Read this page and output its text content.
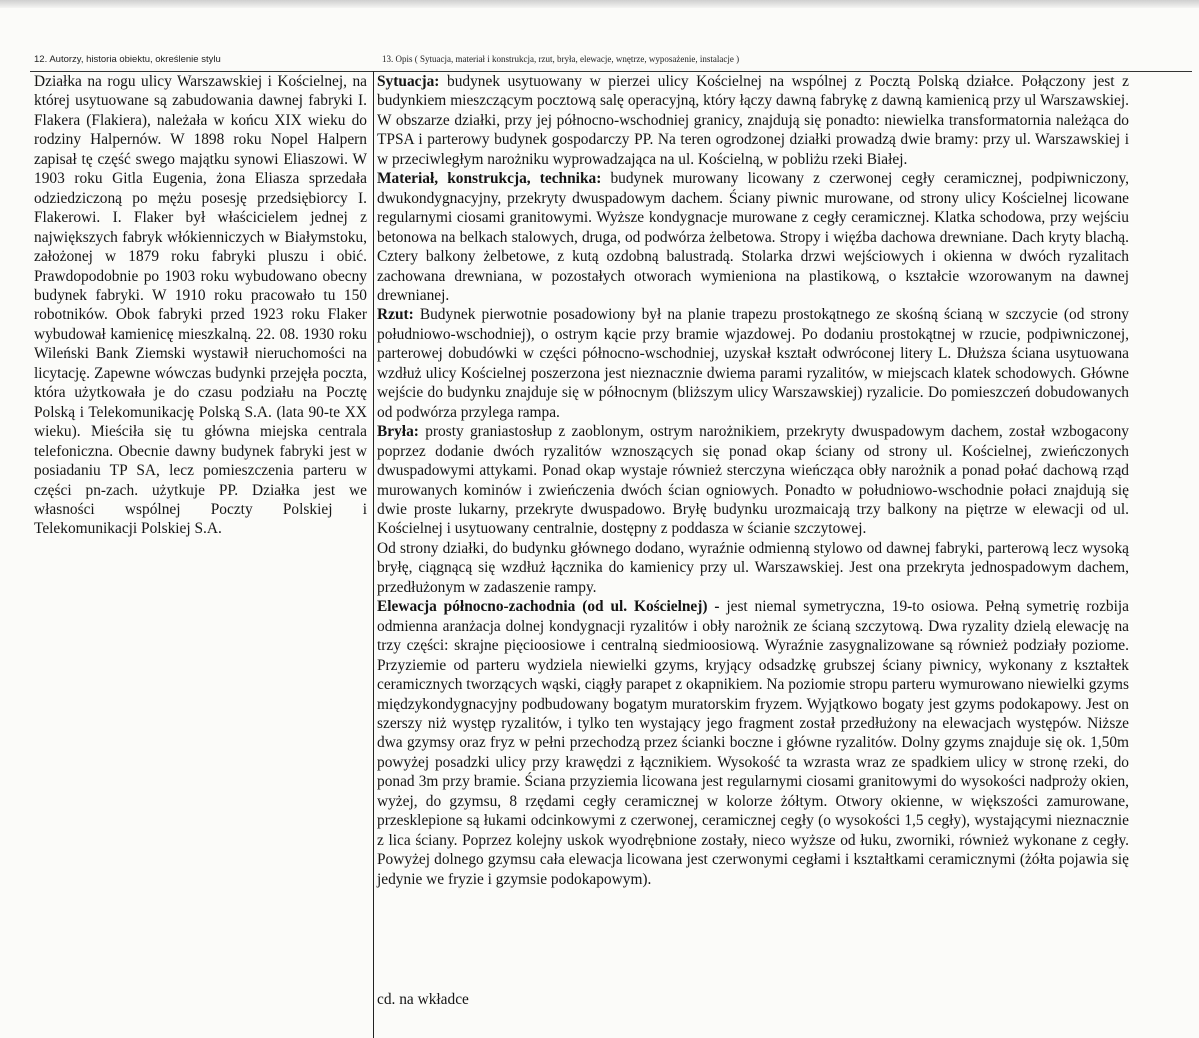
12. Autorzy, historia obiektu, określenie stylu	13. Opis ( Sytuacja, materiał i konstrukcja, rzut, bryła, elewacje, wnętrze, wyposażenie, instalacje )

Działka na rogu ulicy Warszawskiej i Kościelnej, na której usytuowane są zabudowania dawnej fabryki I. Flakera (Flakiera), należała w końcu XIX wieku do rodziny Halpernów. W 1898 roku Nopel Halpern zapisał tę część swego majątku synowi Eliaszowi. W 1903 roku Gitla Eugenia, żona Eliasza sprzedała odziedziczoną po mężu posesję przedsiębiorcy I. Flakerowi. I. Flaker był właścicielem jednej z największych fabryk włókienniczych w Białymstoku, założonej w 1879 roku fabryki pluszu i obić. Prawdopodobnie po 1903 roku wybudowano obecny budynek fabryki. W 1910 roku pracowało tu 150 robotników. Obok fabryki przed 1923 roku Flaker wybudował kamienicę mieszkalną. 22. 08. 1930 roku Wileński Bank Ziemski wystawił nieruchomości na licytację. Zapewne wówczas budynki przejęła poczta, która użytkowała je do czasu podziału na Pocztę Polską i Telekomunikację Polską S.A. (lata 90-te XX wieku). Mieściła się tu główna miejska centrala telefoniczna. Obecnie dawny budynek fabryki jest w posiadaniu TP SA, lecz pomieszczenia parteru w części pn-zach. użytkuje PP. Działka jest we własności wspólnej Poczty Polskiej i Telekomunikacji Polskiej S.A.

Sytuacja: budynek usytuowany w pierzei ulicy Kościelnej na wspólnej z Pocztą Polską działce. Połączony jest z budynkiem mieszczącym pocztową salę operacyjną, który łączy dawną fabrykę z dawną kamienicą przy ul Warszawskiej. W obszarze działki, przy jej północno-wschodniej granicy, znajdują się ponadto: niewielka transformatornia należąca do TPSA i parterowy budynek gospodarczy PP. Na teren ogrodzonej działki prowadzą dwie bramy: przy ul. Warszawskiej i w przeciwległym narożniku wyprowadzająca na ul. Kościelną, w pobliżu rzeki Białej.

Materiał, konstrukcja, technika: budynek murowany licowany z czerwonej cegły ceramicznej, podpiwniczony, dwukondygnacyjny, przekryty dwuspadowym dachem. Ściany piwnic murowane, od strony ulicy Kościelnej licowane regularnymi ciosami granitowymi. Wyższe kondygnacje murowane z cegły ceramicznej. Klatka schodowa, przy wejściu betonowa na belkach stalowych, druga, od podwórza żelbetowa. Stropy i więźba dachowa drewniane. Dach kryty blachą. Cztery balkony żelbetowe, z kutą ozdobną balustradą. Stolarka drzwi wejściowych i okienna w dwóch ryzalitach zachowana drewniana, w pozostałych otworach wymieniona na plastikową, o kształcie wzorowanym na dawnej drewnianej.

Rzut: Budynek pierwotnie posadowiony był na planie trapezu prostokątnego ze skośną ścianą w szczycie (od strony południowo-wschodniej), o ostrym kącie przy bramie wjazdowej. Po dodaniu prostokątnej w rzucie, podpiwniczonej, parterowej dobudówki w części północno-wschodniej, uzyskał kształt odwróconej litery L. Dłuższa ściana usytuowana wzdłuż ulicy Kościelnej poszerzona jest nieznacznie dwiema parami ryzalitów, w miejscach klatek schodowych. Główne wejście do budynku znajduje się w północnym (bliższym ulicy Warszawskiej) ryzalicie. Do pomieszczeń dobudowanych od podwórza przylega rampa.

Bryła: prosty graniastosłup z zaoblonym, ostrym narożnikiem, przekryty dwuspadowym dachem, został wzbogacony poprzez dodanie dwóch ryzalitów wznoszących się ponad okap ściany od strony ul. Kościelnej, zwieńczonych dwuspadowymi attykami. Ponad okap wystaje również sterczyna wieńcząca obły narożnik a ponad połać dachową rząd murowanych kominów i zwieńczenia dwóch ścian ogniowych. Ponadto w południowo-wschodnie połaci znajdują się dwie proste lukarny, przekryte dwuspadowo. Bryłę budynku urozmaicają trzy balkony na piętrze w elewacji od ul. Kościelnej i usytuowany centralnie, dostępny z poddasza w ścianie szczytowej.

Od strony działki, do budynku głównego dodano, wyraźnie odmienną stylowo od dawnej fabryki, parterową lecz wysoką bryłę, ciągnącą się wzdłuż łącznika do kamienicy przy ul. Warszawskiej. Jest ona przekryta jednospadowym dachem, przedłużonym w zadaszenie rampy.

Elewacja północno-zachodnia (od ul. Kościelnej) - jest niemal symetryczna, 19-to osiowa. Pełną symetrię rozbija odmienna aranżacja dolnej kondygnacji ryzalitów i obły narożnik ze ścianą szczytową. Dwa ryzality dzielą elewację na trzy części: skrajne pięcioosiowe i centralną siedmioosiową. Wyraźnie zasygnalizowane są również podziały poziome. Przyziemie od parteru wydziela niewielki gzyms, kryjący odsadzkę grubszej ściany piwnicy, wykonany z kształtek ceramicznych tworzących wąski, ciągły parapet z okapnikiem. Na poziomie stropu parteru wymurowano niewielki gzyms międzykondygnacyjny podbudowany bogatym muratorskim fryzem. Wyjątkowo bogaty jest gzyms podokapowy. Jest on szerszy niż występ ryzalitów, i tylko ten wystający jego fragment został przedłużony na elewacjach występów. Niższe dwa gzymsy oraz fryz w pełni przechodzą przez ścianki boczne i główne ryzalitów. Dolny gzyms znajduje się ok. 1,50m powyżej posadzki ulicy przy krawędzi z łącznikiem. Wysokość ta wzrasta wraz ze spadkiem ulicy w stronę rzeki, do ponad 3m przy bramie. Ściana przyziemia licowana jest regularnymi ciosami granitowymi do wysokości nadproży okien, wyżej, do gzymsu, 8 rzędami cegły ceramicznej w kolorze żółtym. Otwory okienne, w większości zamurowane, przesklepione są łukami odcinkowymi z czerwonej, ceramicznej cegły (o wysokości 1,5 cegły), wystającymi nieznacznie z lica ściany. Poprzez kolejny uskok wyodrębnione zostały, nieco wyższe od łuku, zworniki, również wykonane z cegły. Powyżej dolnego gzymsu cała elewacja licowana jest czerwonymi cegłami i kształtkami ceramicznymi (żółta pojawia się jedynie we fryzie i gzymsie podokapowym).

cd. na wkładce
